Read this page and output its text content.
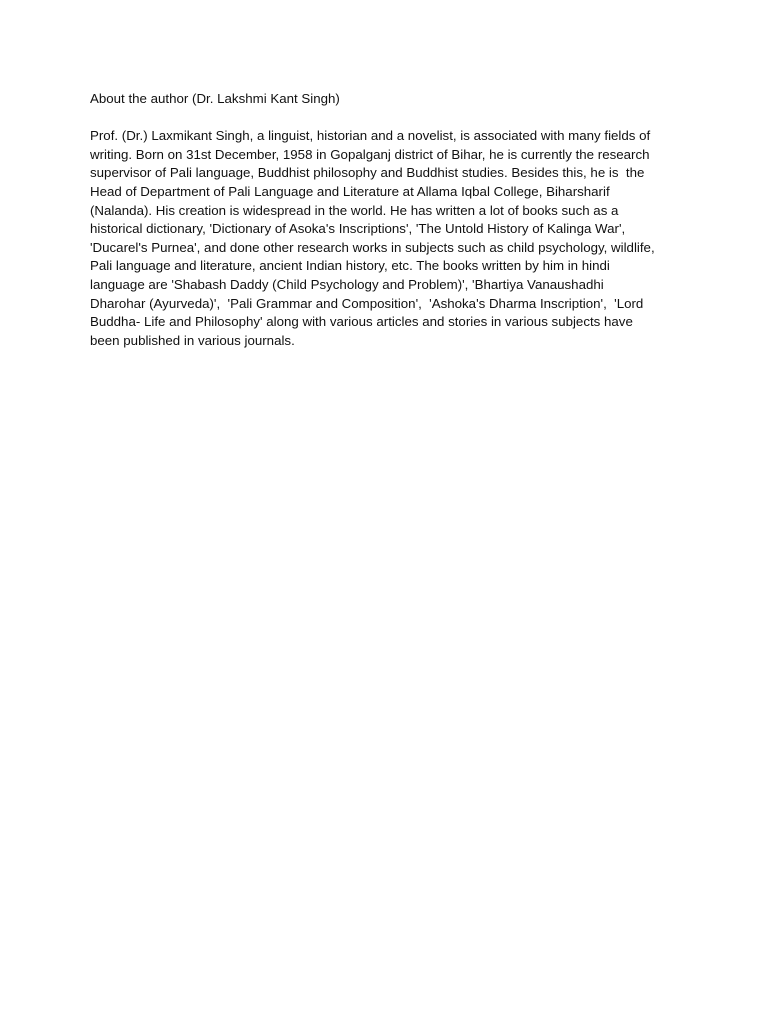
About the author (Dr. Lakshmi Kant Singh)
Prof. (Dr.) Laxmikant Singh, a linguist, historian and a novelist, is associated with many fields of
writing. Born on 31st December, 1958 in Gopalganj district of Bihar, he is currently the research
supervisor of Pali language, Buddhist philosophy and Buddhist studies. Besides this, he is  the
Head of Department of Pali Language and Literature at Allama Iqbal College, Biharsharif
(Nalanda). His creation is widespread in the world. He has written a lot of books such as a
historical dictionary, 'Dictionary of Asoka's Inscriptions', 'The Untold History of Kalinga War',
'Ducarel's Purnea', and done other research works in subjects such as child psychology, wildlife,
Pali language and literature, ancient Indian history, etc. The books written by him in hindi
language are 'Shabash Daddy (Child Psychology and Problem)', 'Bhartiya Vanaushadhi
Dharohar (Ayurveda)',  'Pali Grammar and Composition',  'Ashoka's Dharma Inscription',  'Lord
Buddha- Life and Philosophy' along with various articles and stories in various subjects have
been published in various journals.
